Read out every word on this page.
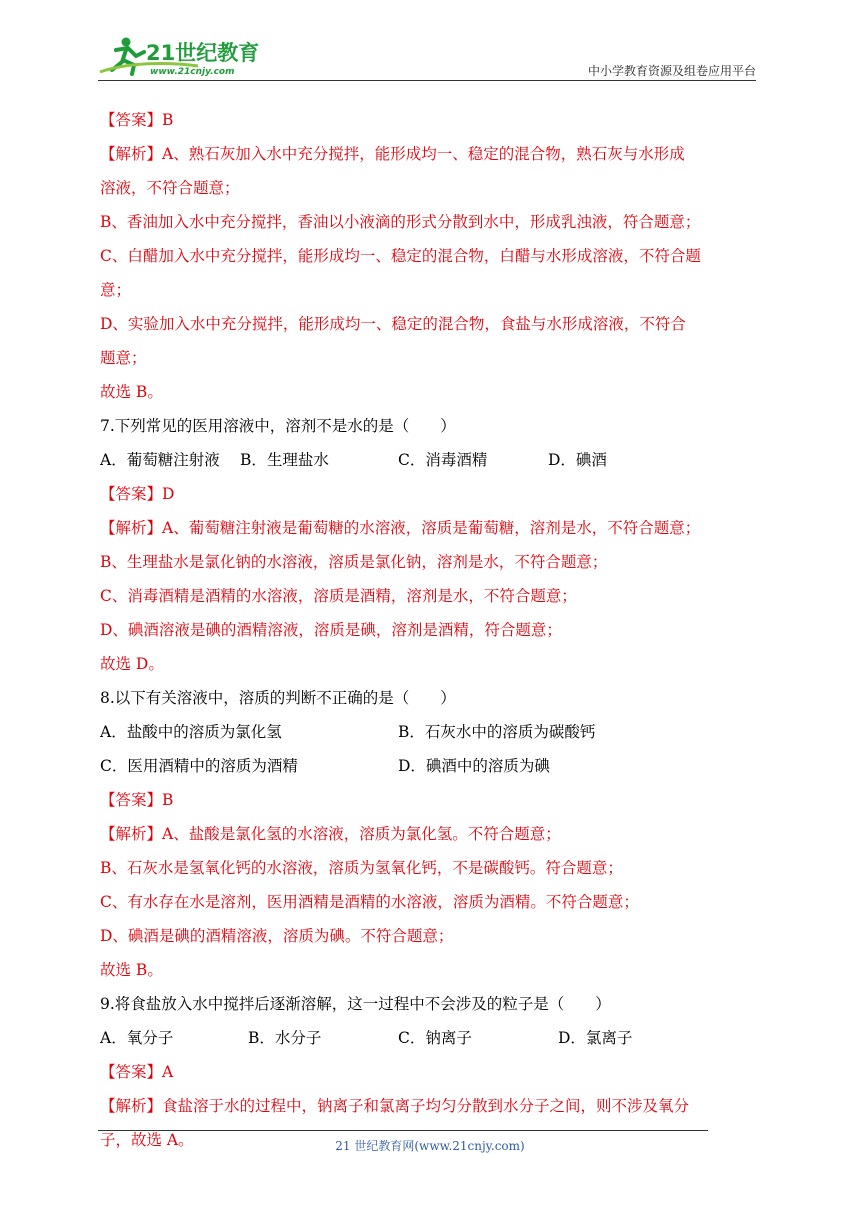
21世纪教育
www.21cnjy.com	中小学教育资源及组卷应用平台
【答案】B
【解析】A、熟石灰加入水中充分搅拌，能形成均一、稳定的混合物，熟石灰与水形成
溶液，不符合题意；
B、香油加入水中充分搅拌，香油以小液滴的形式分散到水中，形成乳浊液，符合题意；
C、白醋加入水中充分搅拌，能形成均一、稳定的混合物，白醋与水形成溶液，不符合题
意；
D、实验加入水中充分搅拌，能形成均一、稳定的混合物，食盐与水形成溶液，不符合
题意；
故选 B。
7.下列常见的医用溶液中，溶剂不是水的是（　　）
A．葡萄糖注射液	B．生理盐水	C．消毒酒精	D．碘酒
【答案】D
【解析】A、葡萄糖注射液是葡萄糖的水溶液，溶质是葡萄糖，溶剂是水，不符合题意；
B、生理盐水是氯化钠的水溶液，溶质是氯化钠，溶剂是水，不符合题意；
C、消毒酒精是酒精的水溶液，溶质是酒精，溶剂是水，不符合题意；
D、碘酒溶液是碘的酒精溶液，溶质是碘，溶剂是酒精，符合题意；
故选 D。
8.以下有关溶液中，溶质的判断不正确的是（　　）
A．盐酸中的溶质为氯化氢	B．石灰水中的溶质为碳酸钙
C．医用酒精中的溶质为酒精	D．碘酒中的溶质为碘
【答案】B
【解析】A、盐酸是氯化氢的水溶液，溶质为氯化氢。不符合题意；
B、石灰水是氢氧化钙的水溶液，溶质为氢氧化钙，不是碳酸钙。符合题意；
C、有水存在水是溶剂，医用酒精是酒精的水溶液，溶质为酒精。不符合题意；
D、碘酒是碘的酒精溶液，溶质为碘。不符合题意；
故选 B。
9.将食盐放入水中搅拌后逐渐溶解，这一过程中不会涉及的粒子是（　　）
A．氧分子	B．水分子	C．钠离子	D．氯离子
【答案】A
【解析】食盐溶于水的过程中，钠离子和氯离子均匀分散到水分子之间，则不涉及氧分
子，故选 A。	21 世纪教育网(www.21cnjy.com)
